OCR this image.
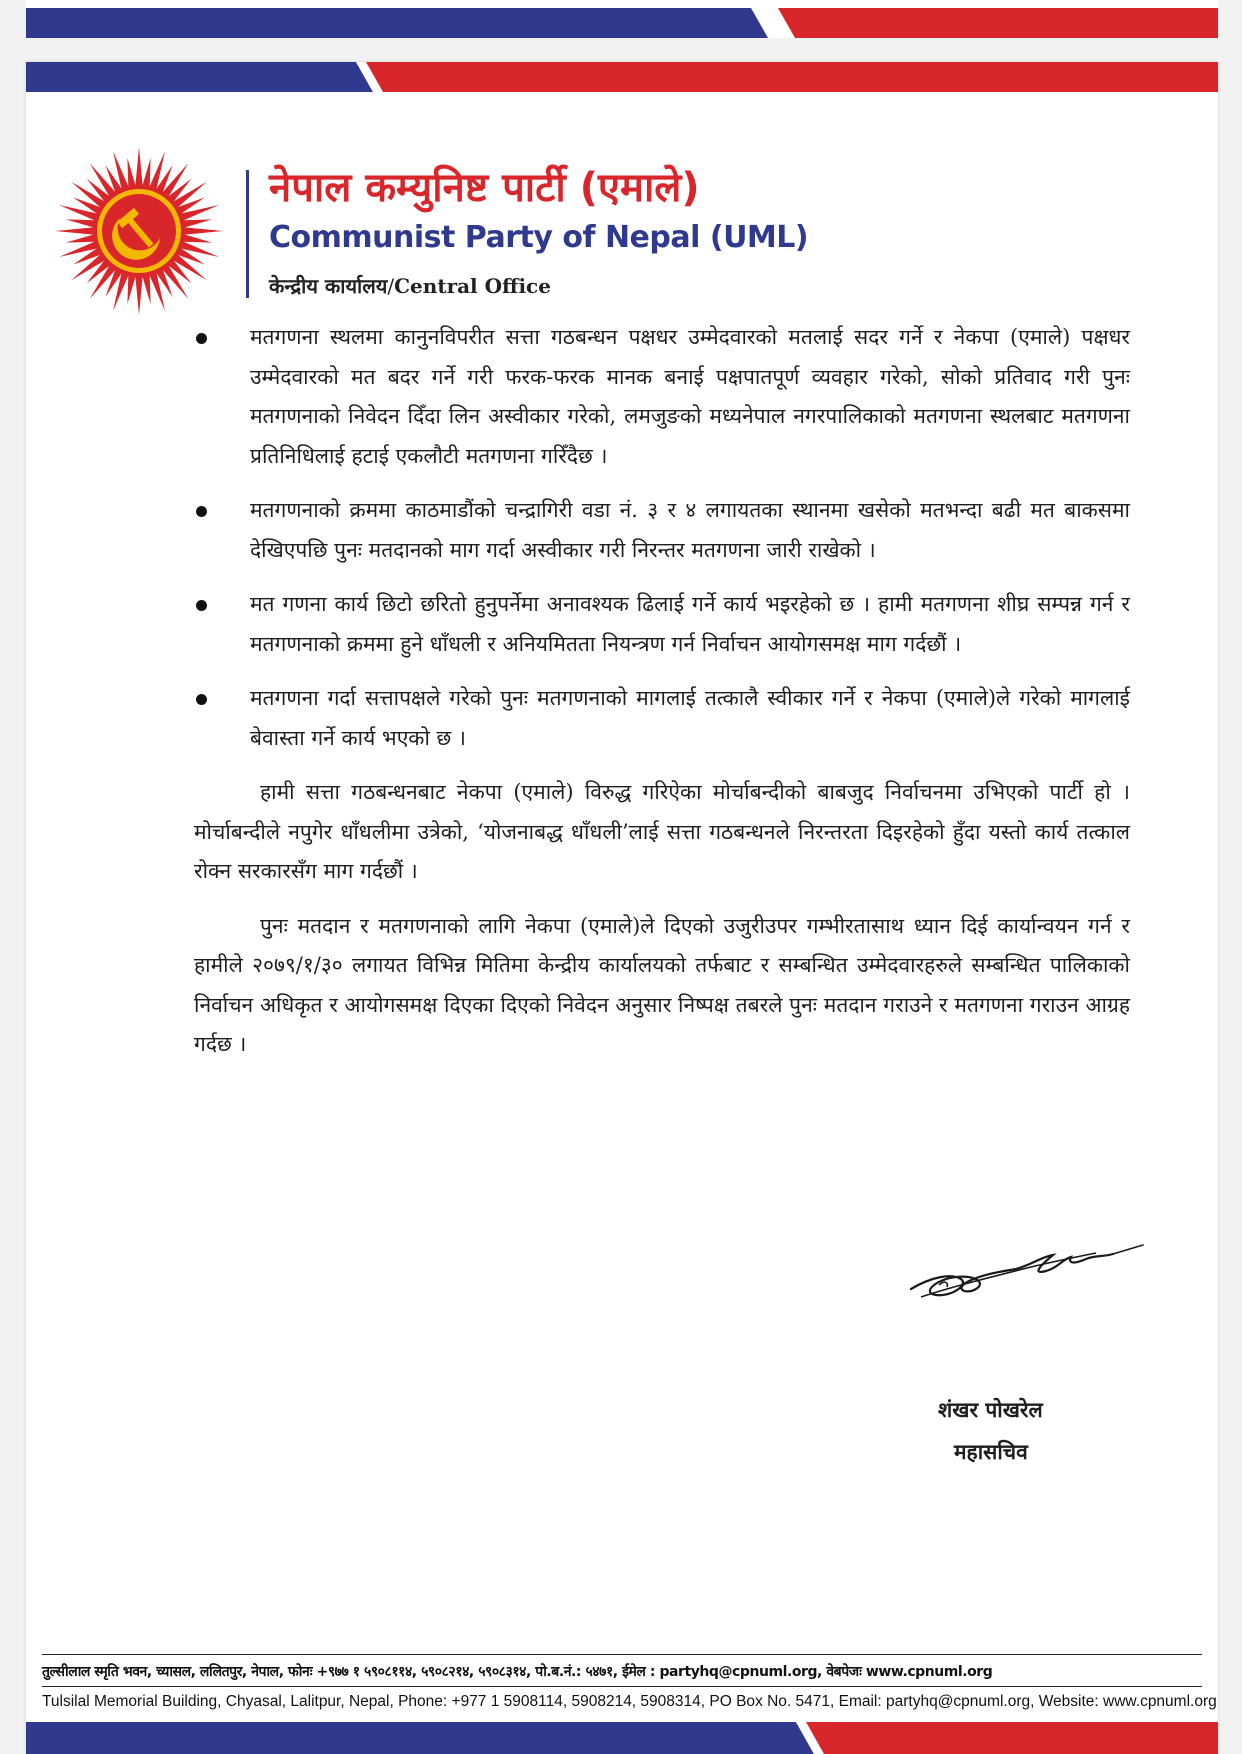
नेपाल कम्युनिष्ट पार्टी (एमाले)
Communist Party of Nepal (UML)
केन्द्रीय कार्यालय/Central Office
मतगणना स्थलमा कानुनविपरीत सत्ता गठबन्धन पक्षधर उम्मेदवारको मतलाई सदर गर्ने र नेकपा (एमाले) पक्षधर उम्मेदवारको मत बदर गर्ने गरी फरक-फरक मानक बनाई पक्षपातपूर्ण व्यवहार गरेको, सोको प्रतिवाद गरी पुनः मतगणनाको निवेदन दिँदा लिन अस्वीकार गरेको, लमजुङको मध्यनेपाल नगरपालिकाको मतगणना स्थलबाट मतगणना प्रतिनिधिलाई हटाई एकलौटी मतगणना गरिँदैछ ।
मतगणनाको क्रममा काठमाडौंको चन्द्रागिरी वडा नं. ३ र ४ लगायतका स्थानमा खसेको मतभन्दा बढी मत बाकसमा देखिएपछि पुनः मतदानको माग गर्दा अस्वीकार गरी निरन्तर मतगणना जारी राखेको ।
मत गणना कार्य छिटो छरितो हुनुपर्नेमा अनावश्यक ढिलाई गर्ने कार्य भइरहेको छ । हामी मतगणना शीघ्र सम्पन्न गर्न र मतगणनाको क्रममा हुने धाँधली र अनियमितता नियन्त्रण गर्न निर्वाचन आयोगसमक्ष माग गर्दछौं ।
मतगणना गर्दा सत्तापक्षले गरेको पुनः मतगणनाको मागलाई तत्कालै स्वीकार गर्ने र नेकपा (एमाले)ले गरेको मागलाई बेवास्ता गर्ने कार्य भएको छ ।

हामी सत्ता गठबन्धनबाट नेकपा (एमाले) विरुद्ध गरिऐका मोर्चाबन्दीको बाबजुद निर्वाचनमा उभिएको पार्टी हो । मोर्चाबन्दीले नपुगेर धाँधलीमा उत्रेको, ‘योजनाबद्ध धाँधली’लाई सत्ता गठबन्धनले निरन्तरता दिइरहेको हुँदा यस्तो कार्य तत्काल रोक्न सरकारसँग माग गर्दछौं ।

पुनः मतदान र मतगणनाको लागि नेकपा (एमाले)ले दिएको उजुरीउपर गम्भीरतासाथ ध्यान दिई कार्यान्वयन गर्न र हामीले २०७९/१/३० लगायत विभिन्न मितिमा केन्द्रीय कार्यालयको तर्फबाट र सम्बन्धित उम्मेदवारहरुले सम्बन्धित पालिकाको निर्वाचन अधिकृत र आयोगसमक्ष दिएका दिएको निवेदन अनुसार निष्पक्ष तबरले पुनः मतदान गराउने र मतगणना गराउन आग्रह गर्दछ ।

शंखर पोखरेल
महासचिव
तुल्सीलाल स्मृति भवन, च्यासल, ललितपुर, नेपाल, फोनः +९७७ १ ५९०८११४, ५९०८२१४, ५९०८३१४, पो.ब.नं.: ५४७१, ईमेल : partyhq@cpnuml.org, वेबपेजः www.cpnuml.org
Tulsilal Memorial Building, Chyasal, Lalitpur, Nepal, Phone: +977 1 5908114, 5908214, 5908314, PO Box No. 5471, Email: partyhq@cpnuml.org, Website: www.cpnuml.org
